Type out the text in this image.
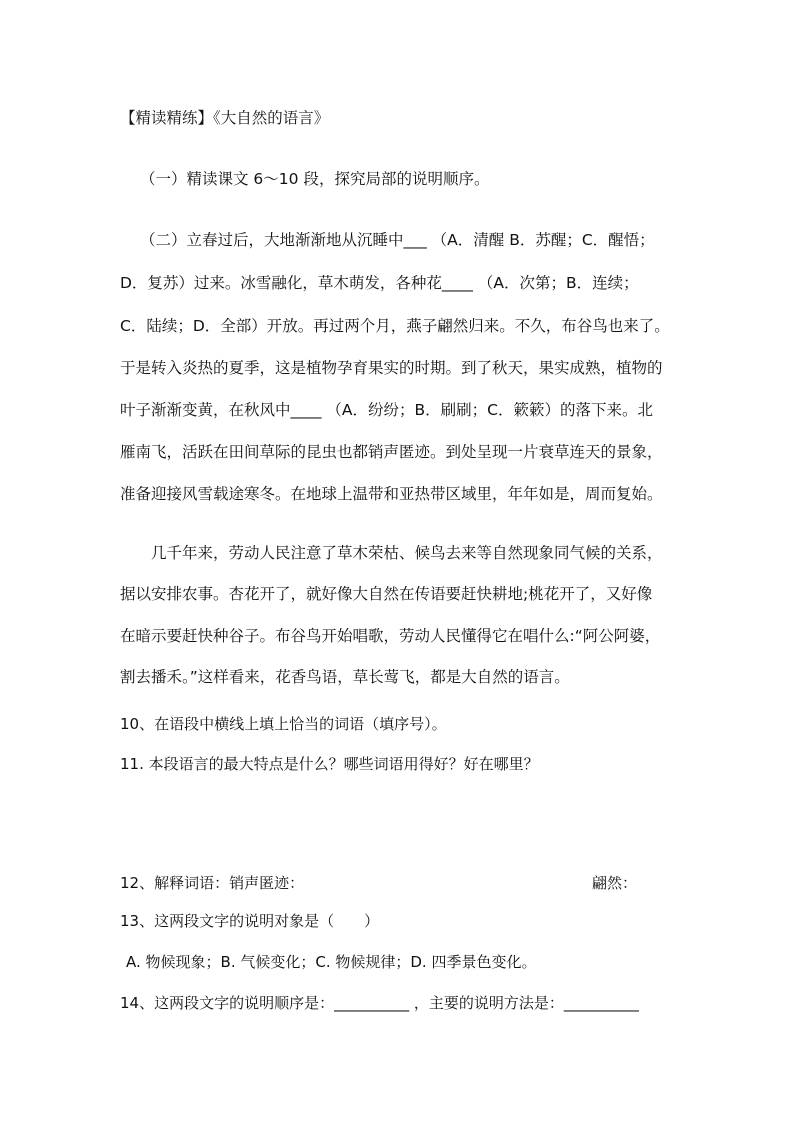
【精读精练】《大自然的语言》
（一）精读课文 6～10 段，探究局部的说明顺序。
（二）立春过后，大地渐渐地从沉睡中___ （A．清醒 B．苏醒；C．醒悟；
D．复苏）过来。冰雪融化，草木萌发，各种花____ （A．次第；B．连续；
C．陆续；D．全部）开放。再过两个月，燕子翩然归来。不久，布谷鸟也来了。
于是转入炎热的夏季，这是植物孕育果实的时期。到了秋天，果实成熟，植物的
叶子渐渐变黄，在秋风中____ （A．纷纷；B．刷刷；C．簌簌）的落下来。北
雁南飞，活跃在田间草际的昆虫也都销声匿迹。到处呈现一片衰草连天的景象，
准备迎接风雪载途寒冬。在地球上温带和亚热带区域里，年年如是，周而复始。
几千年来，劳动人民注意了草木荣枯、候鸟去来等自然现象同气候的关系，
据以安排农事。杏花开了，就好像大自然在传语要赶快耕地;桃花开了，又好像
在暗示要赶快种谷子。布谷鸟开始唱歌，劳动人民懂得它在唱什么:“阿公阿婆，
割去播禾。”这样看来，花香鸟语，草长莺飞，都是大自然的语言。
10、在语段中横线上填上恰当的词语（填序号）。
11. 本段语言的最大特点是什么？哪些词语用得好？好在哪里？
12、解释词语：销声匿迹：	翩然：
13、这两段文字的说明对象是（　　）
A. 物候现象；B. 气候变化；C. 物候规律；D. 四季景色变化。
14、这两段文字的说明顺序是：__________ ，主要的说明方法是：__________
